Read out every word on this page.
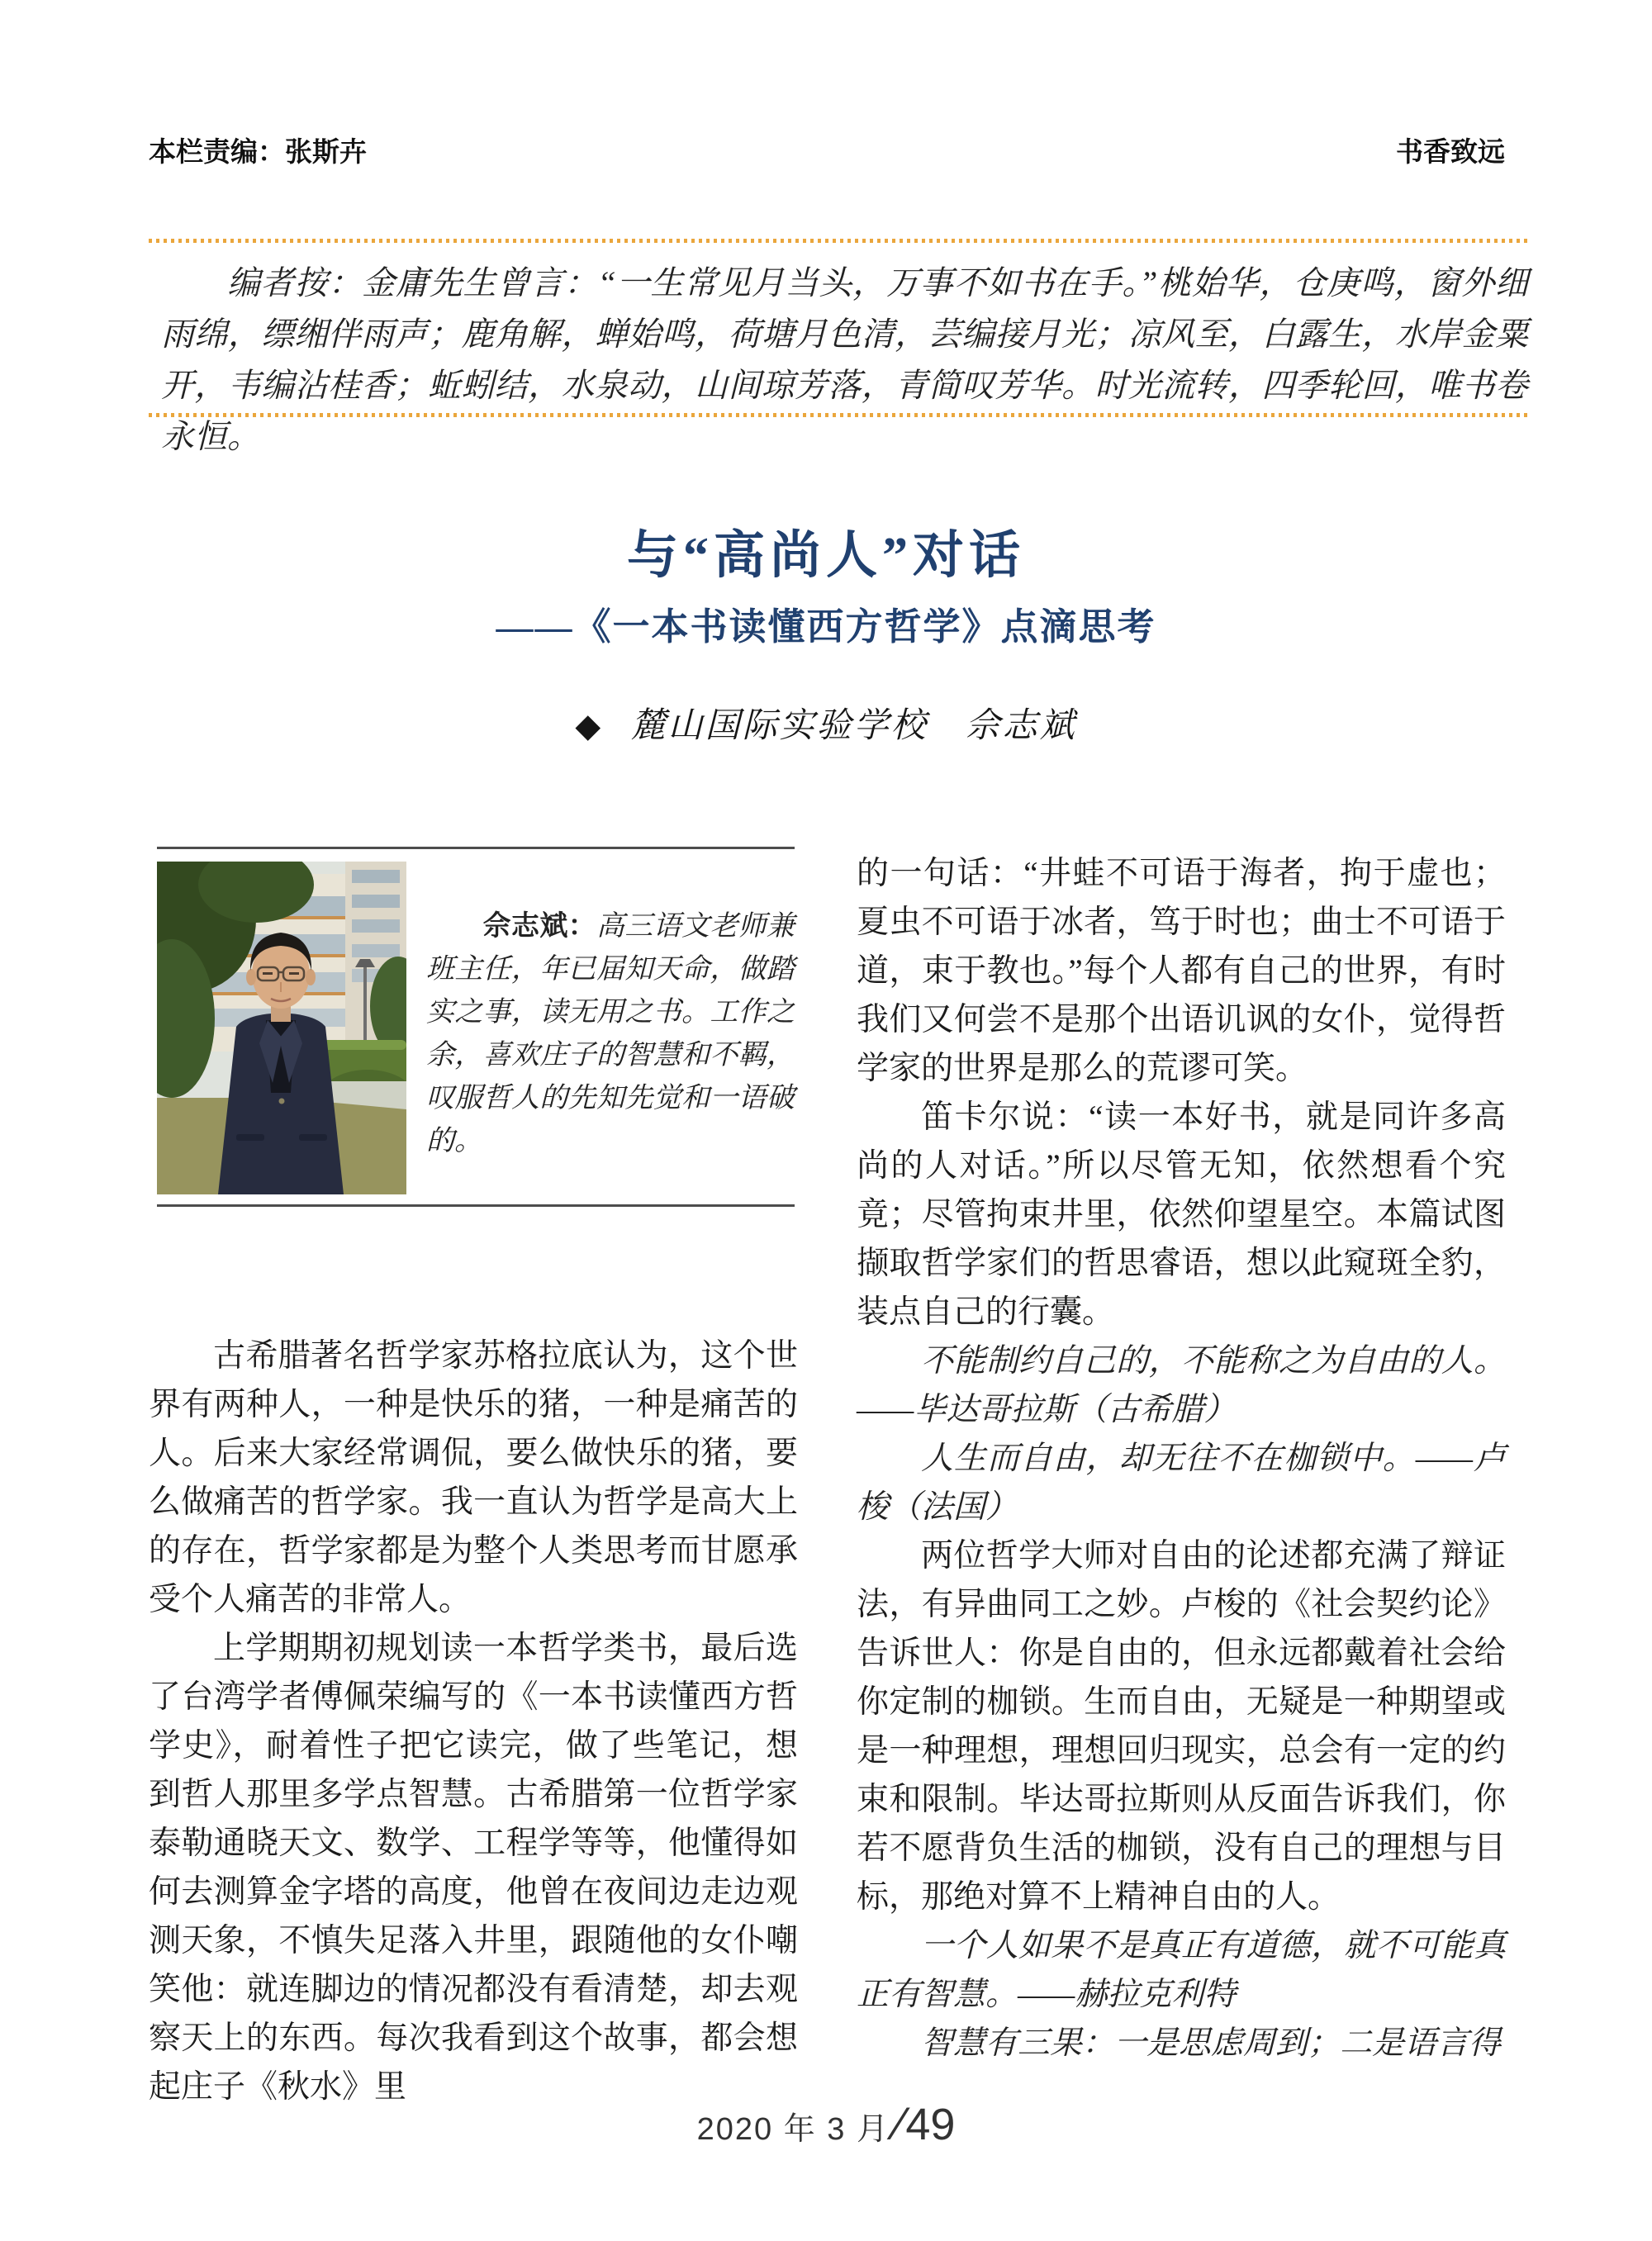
本栏责编：张斯卉	书香致远
编者按：金庸先生曾言：“一生常见月当头，万事不如书在手。”桃始华，仓庚鸣，窗外细雨绵，缥缃伴雨声；鹿角解，蝉始鸣，荷塘月色清，芸编接月光；凉风至，白露生，水岸金粟开，韦编沾桂香；蚯蚓结，水泉动，山间琼芳落，青简叹芳华。时光流转，四季轮回，唯书卷永恒。
与“高尚人”对话
——《一本书读懂西方哲学》点滴思考
◆ 麓山国际实验学校　佘志斌
　　佘志斌：高三语文老师兼班主任，年已届知天命，做踏实之事，读无用之书。工作之余，喜欢庄子的智慧和不羁，叹服哲人的先知先觉和一语破的。

古希腊著名哲学家苏格拉底认为，这个世界有两种人，一种是快乐的猪，一种是痛苦的人。后来大家经常调侃，要么做快乐的猪，要么做痛苦的哲学家。我一直认为哲学是高大上的存在，哲学家都是为整个人类思考而甘愿承受个人痛苦的非常人。

上学期期初规划读一本哲学类书，最后选了台湾学者傅佩荣编写的《一本书读懂西方哲学史》，耐着性子把它读完，做了些笔记，想到哲人那里多学点智慧。古希腊第一位哲学家泰勒通晓天文、数学、工程学等等，他懂得如何去测算金字塔的高度，他曾在夜间边走边观测天象，不慎失足落入井里，跟随他的女仆嘲笑他：就连脚边的情况都没有看清楚，却去观察天上的东西。每次我看到这个故事，都会想起庄子《秋水》里

的一句话：“井蛙不可语于海者，拘于虚也；夏虫不可语于冰者，笃于时也；曲士不可语于道，束于教也。”每个人都有自己的世界，有时我们又何尝不是那个出语讥讽的女仆，觉得哲学家的世界是那么的荒谬可笑。

笛卡尔说：“读一本好书，就是同许多高尚的人对话。”所以尽管无知，依然想看个究竟；尽管拘束井里，依然仰望星空。本篇试图撷取哲学家们的哲思睿语，想以此窥斑全豹，装点自己的行囊。

不能制约自己的，不能称之为自由的人。——毕达哥拉斯（古希腊）

人生而自由，却无往不在枷锁中。——卢梭（法国）

两位哲学大师对自由的论述都充满了辩证法，有异曲同工之妙。卢梭的《社会契约论》告诉世人：你是自由的，但永远都戴着社会给你定制的枷锁。生而自由，无疑是一种期望或是一种理想，理想回归现实，总会有一定的约束和限制。毕达哥拉斯则从反面告诉我们，你若不愿背负生活的枷锁，没有自己的理想与目标，那绝对算不上精神自由的人。

一个人如果不是真正有道德，就不可能真正有智慧。——赫拉克利特

智慧有三果：一是思虑周到；二是语言得

2020 年 3 月 ∕ 49
